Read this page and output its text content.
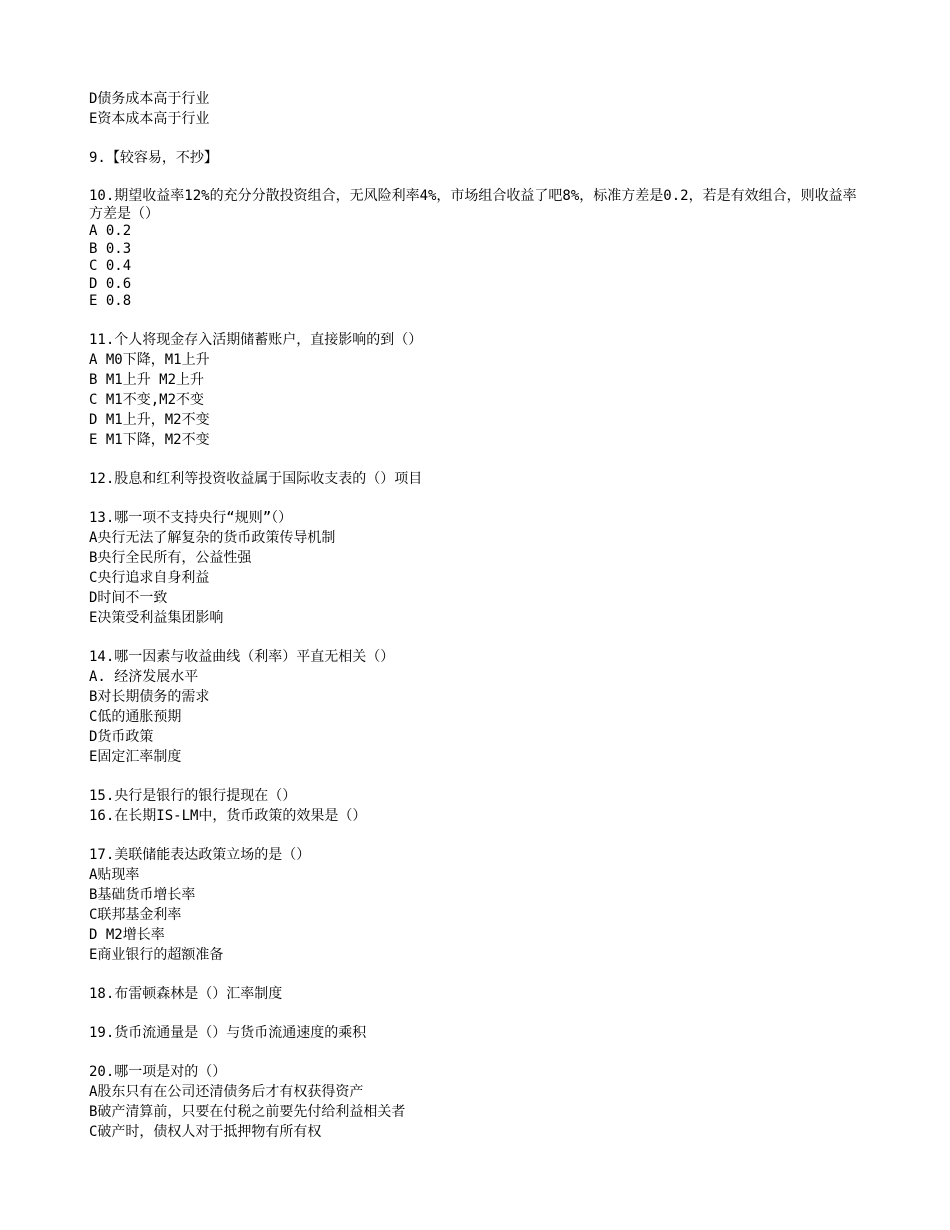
D债务成本高于行业
E资本成本高于行业
9.【较容易，不抄】
10.期望收益率12%的充分分散投资组合，无风险利率4%，市场组合收益了吧8%，标准方差是0.2，若是有效组合，则收益率方差是（）
A 0.2
B 0.3
C 0.4
D 0.6
E 0.8
11.个人将现金存入活期储蓄账户，直接影响的到（）
A M0下降，M1上升
B M1上升 M2上升
C M1不变,M2不变
D M1上升，M2不变
E M1下降，M2不变
12.股息和红利等投资收益属于国际收支表的（）项目
13.哪一项不支持央行“规则”（）
A央行无法了解复杂的货币政策传导机制
B央行全民所有，公益性强
C央行追求自身利益
D时间不一致
E决策受利益集团影响
14.哪一因素与收益曲线（利率）平直无相关（）
A. 经济发展水平
B对长期债务的需求
C低的通胀预期
D货币政策
E固定汇率制度
15.央行是银行的银行提现在（）
16.在长期IS-LM中，货币政策的效果是（）
17.美联储能表达政策立场的是（）
A贴现率
B基础货币增长率
C联邦基金利率
D M2增长率
E商业银行的超额准备
18.布雷顿森林是（）汇率制度
19.货币流通量是（）与货币流通速度的乘积
20.哪一项是对的（）
A股东只有在公司还清债务后才有权获得资产
B破产清算前，只要在付税之前要先付给利益相关者
C破产时，债权人对于抵押物有所有权
